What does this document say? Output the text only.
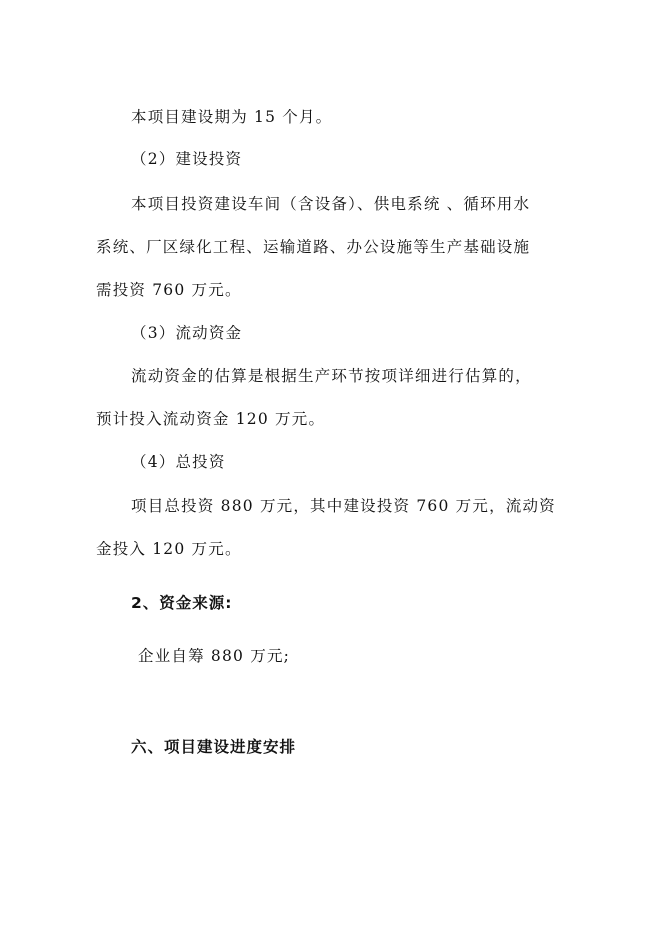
本项目建设期为 15 个月。
（2）建设投资
本项目投资建设车间（含设备）、供电系统 、循环用水
系统、厂区绿化工程、运输道路、办公设施等生产基础设施
需投资 760 万元。
（3）流动资金
流动资金的估算是根据生产环节按项详细进行估算的，
预计投入流动资金 120 万元。
（4）总投资
项目总投资 880 万元，其中建设投资 760 万元，流动资
金投入 120 万元。
2、资金来源:
企业自筹 880 万元;
六、项目建设进度安排
